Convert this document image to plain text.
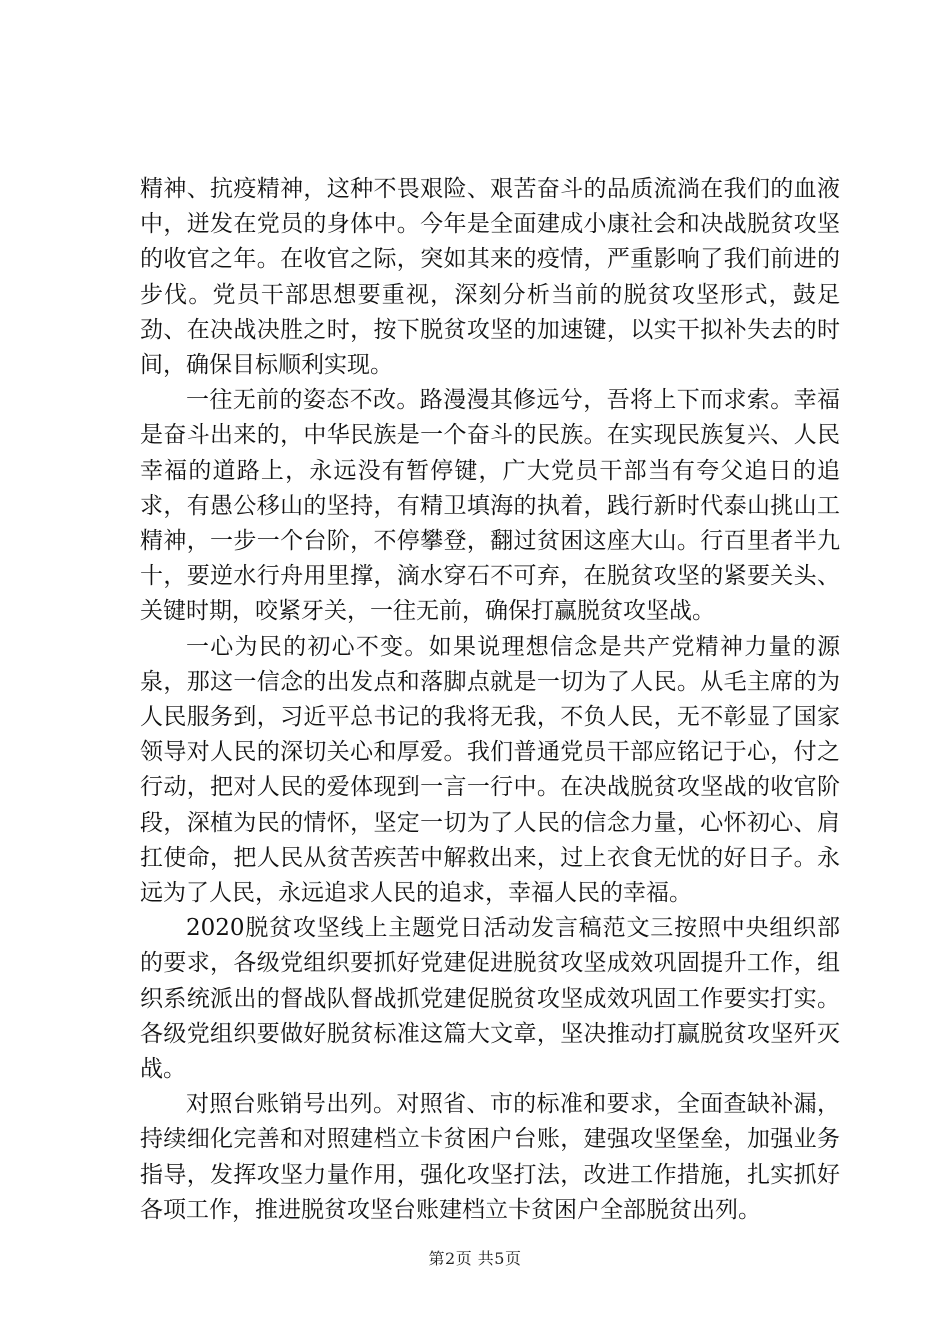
精神、抗疫精神，这种不畏艰险、艰苦奋斗的品质流淌在我们的血液中，迸发在党员的身体中。今年是全面建成小康社会和决战脱贫攻坚的收官之年。在收官之际，突如其来的疫情，严重影响了我们前进的步伐。党员干部思想要重视，深刻分析当前的脱贫攻坚形式，鼓足劲、在决战决胜之时，按下脱贫攻坚的加速键，以实干拟补失去的时间，确保目标顺利实现。

一往无前的姿态不改。路漫漫其修远兮，吾将上下而求索。幸福是奋斗出来的，中华民族是一个奋斗的民族。在实现民族复兴、人民幸福的道路上，永远没有暂停键，广大党员干部当有夸父追日的追求，有愚公移山的坚持，有精卫填海的执着，践行新时代泰山挑山工精神，一步一个台阶，不停攀登，翻过贫困这座大山。行百里者半九十，要逆水行舟用里撑，滴水穿石不可弃，在脱贫攻坚的紧要关头、关键时期，咬紧牙关，一往无前，确保打赢脱贫攻坚战。

一心为民的初心不变。如果说理想信念是共产党精神力量的源泉，那这一信念的出发点和落脚点就是一切为了人民。从毛主席的为人民服务到，习近平总书记的我将无我，不负人民，无不彰显了国家领导对人民的深切关心和厚爱。我们普通党员干部应铭记于心，付之行动，把对人民的爱体现到一言一行中。在决战脱贫攻坚战的收官阶段，深植为民的情怀，坚定一切为了人民的信念力量，心怀初心、肩扛使命，把人民从贫苦疾苦中解救出来，过上衣食无忧的好日子。永远为了人民，永远追求人民的追求，幸福人民的幸福。

2020脱贫攻坚线上主题党日活动发言稿范文三按照中央组织部的要求，各级党组织要抓好党建促进脱贫攻坚成效巩固提升工作，组织系统派出的督战队督战抓党建促脱贫攻坚成效巩固工作要实打实。各级党组织要做好脱贫标准这篇大文章，坚决推动打赢脱贫攻坚歼灭战。

对照台账销号出列。对照省、市的标准和要求，全面查缺补漏，持续细化完善和对照建档立卡贫困户台账，建强攻坚堡垒，加强业务指导，发挥攻坚力量作用，强化攻坚打法，改进工作措施，扎实抓好各项工作，推进脱贫攻坚台账建档立卡贫困户全部脱贫出列。

第2页 共5页
